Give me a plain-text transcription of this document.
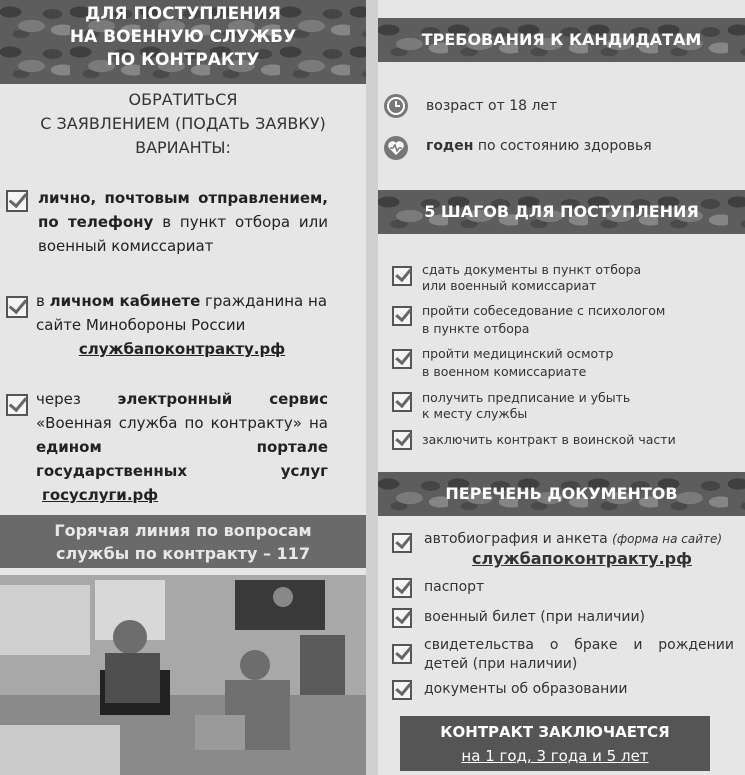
ДЛЯ ПОСТУПЛЕНИЯ
НА ВОЕННУЮ СЛУЖБУ
ПО КОНТРАКТУ
ОБРАТИТЬСЯ
С ЗАЯВЛЕНИЕМ (ПОДАТЬ ЗАЯВКУ)
ВАРИАНТЫ:
лично, почтовым отправлением, по телефону в пункт отбора или военный комиссариат
в личном кабинете гражданина на сайте Минобороны России
службапоконтракту.рф
через электронный сервис «Военная служба по контракту» на едином портале государственных услуг госуслуги.рф
Горячая линия по вопросам
службы по контракту – 117
ТРЕБОВАНИЯ К КАНДИДАТАМ
возраст от 18 лет
годен по состоянию здоровья
5 ШАГОВ ДЛЯ ПОСТУПЛЕНИЯ
сдать документы в пункт отбора
или военный комиссариат
пройти собеседование с психологом
в пункте отбора
пройти медицинский осмотр
в военном комиссариате
получить предписание и убыть
к месту службы
заключить контракт в воинской части
ПЕРЕЧЕНЬ ДОКУМЕНТОВ
автобиография и анкета (форма на сайте)
службапоконтракту.рф
паспорт
военный билет (при наличии)
свидетельства о браке и рождении детей (при наличии)
документы об образовании
КОНТРАКТ ЗАКЛЮЧАЕТСЯ
на 1 год, 3 года и 5 лет
